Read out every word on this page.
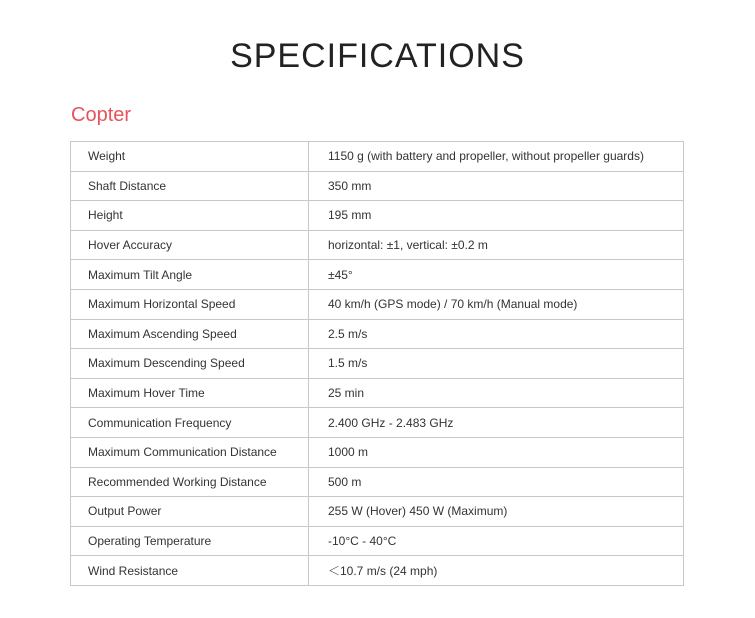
SPECIFICATIONS
Copter
Weight	1150 g (with battery and propeller, without propeller guards)
Shaft Distance	350 mm
Height	195 mm
Hover Accuracy	horizontal: ±1, vertical: ±0.2 m
Maximum Tilt Angle	±45°
Maximum Horizontal Speed	40 km/h (GPS mode) / 70 km/h (Manual mode)
Maximum Ascending Speed	2.5 m/s
Maximum Descending Speed	1.5 m/s
Maximum Hover Time	25 min
Communication Frequency	2.400 GHz - 2.483 GHz
Maximum Communication Distance	1000 m
Recommended Working Distance	500 m
Output Power	255 W (Hover) 450 W (Maximum)
Operating Temperature	-10°C - 40°C
Wind Resistance	＜10.7 m/s (24 mph)
